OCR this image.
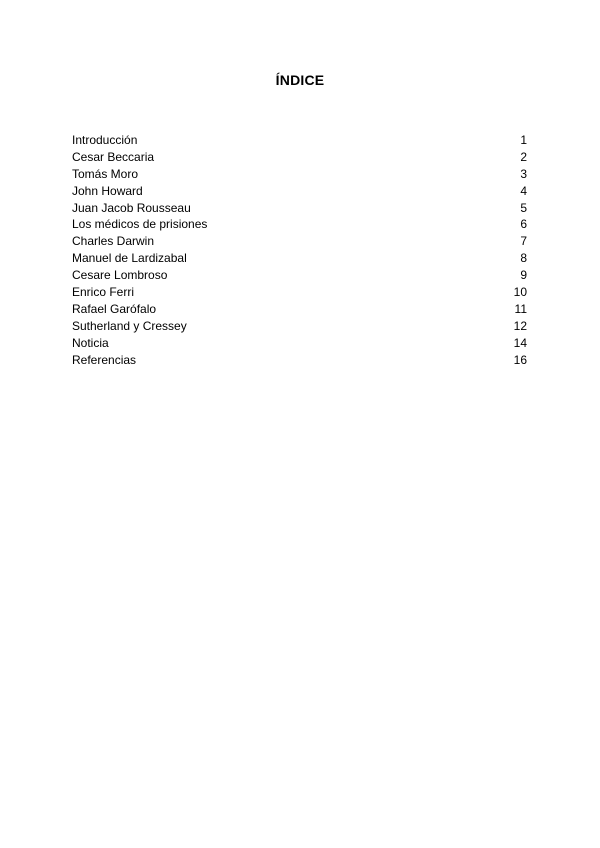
ÍNDICE
Introducción	1
Cesar Beccaria	2
Tomás Moro	3
John Howard	4
Juan Jacob Rousseau	5
Los médicos de prisiones	6
Charles Darwin	7
Manuel de Lardizabal	8
Cesare Lombroso	9
Enrico Ferri	10
Rafael Garófalo	11
Sutherland y Cressey	12
Noticia	14
Referencias	16
